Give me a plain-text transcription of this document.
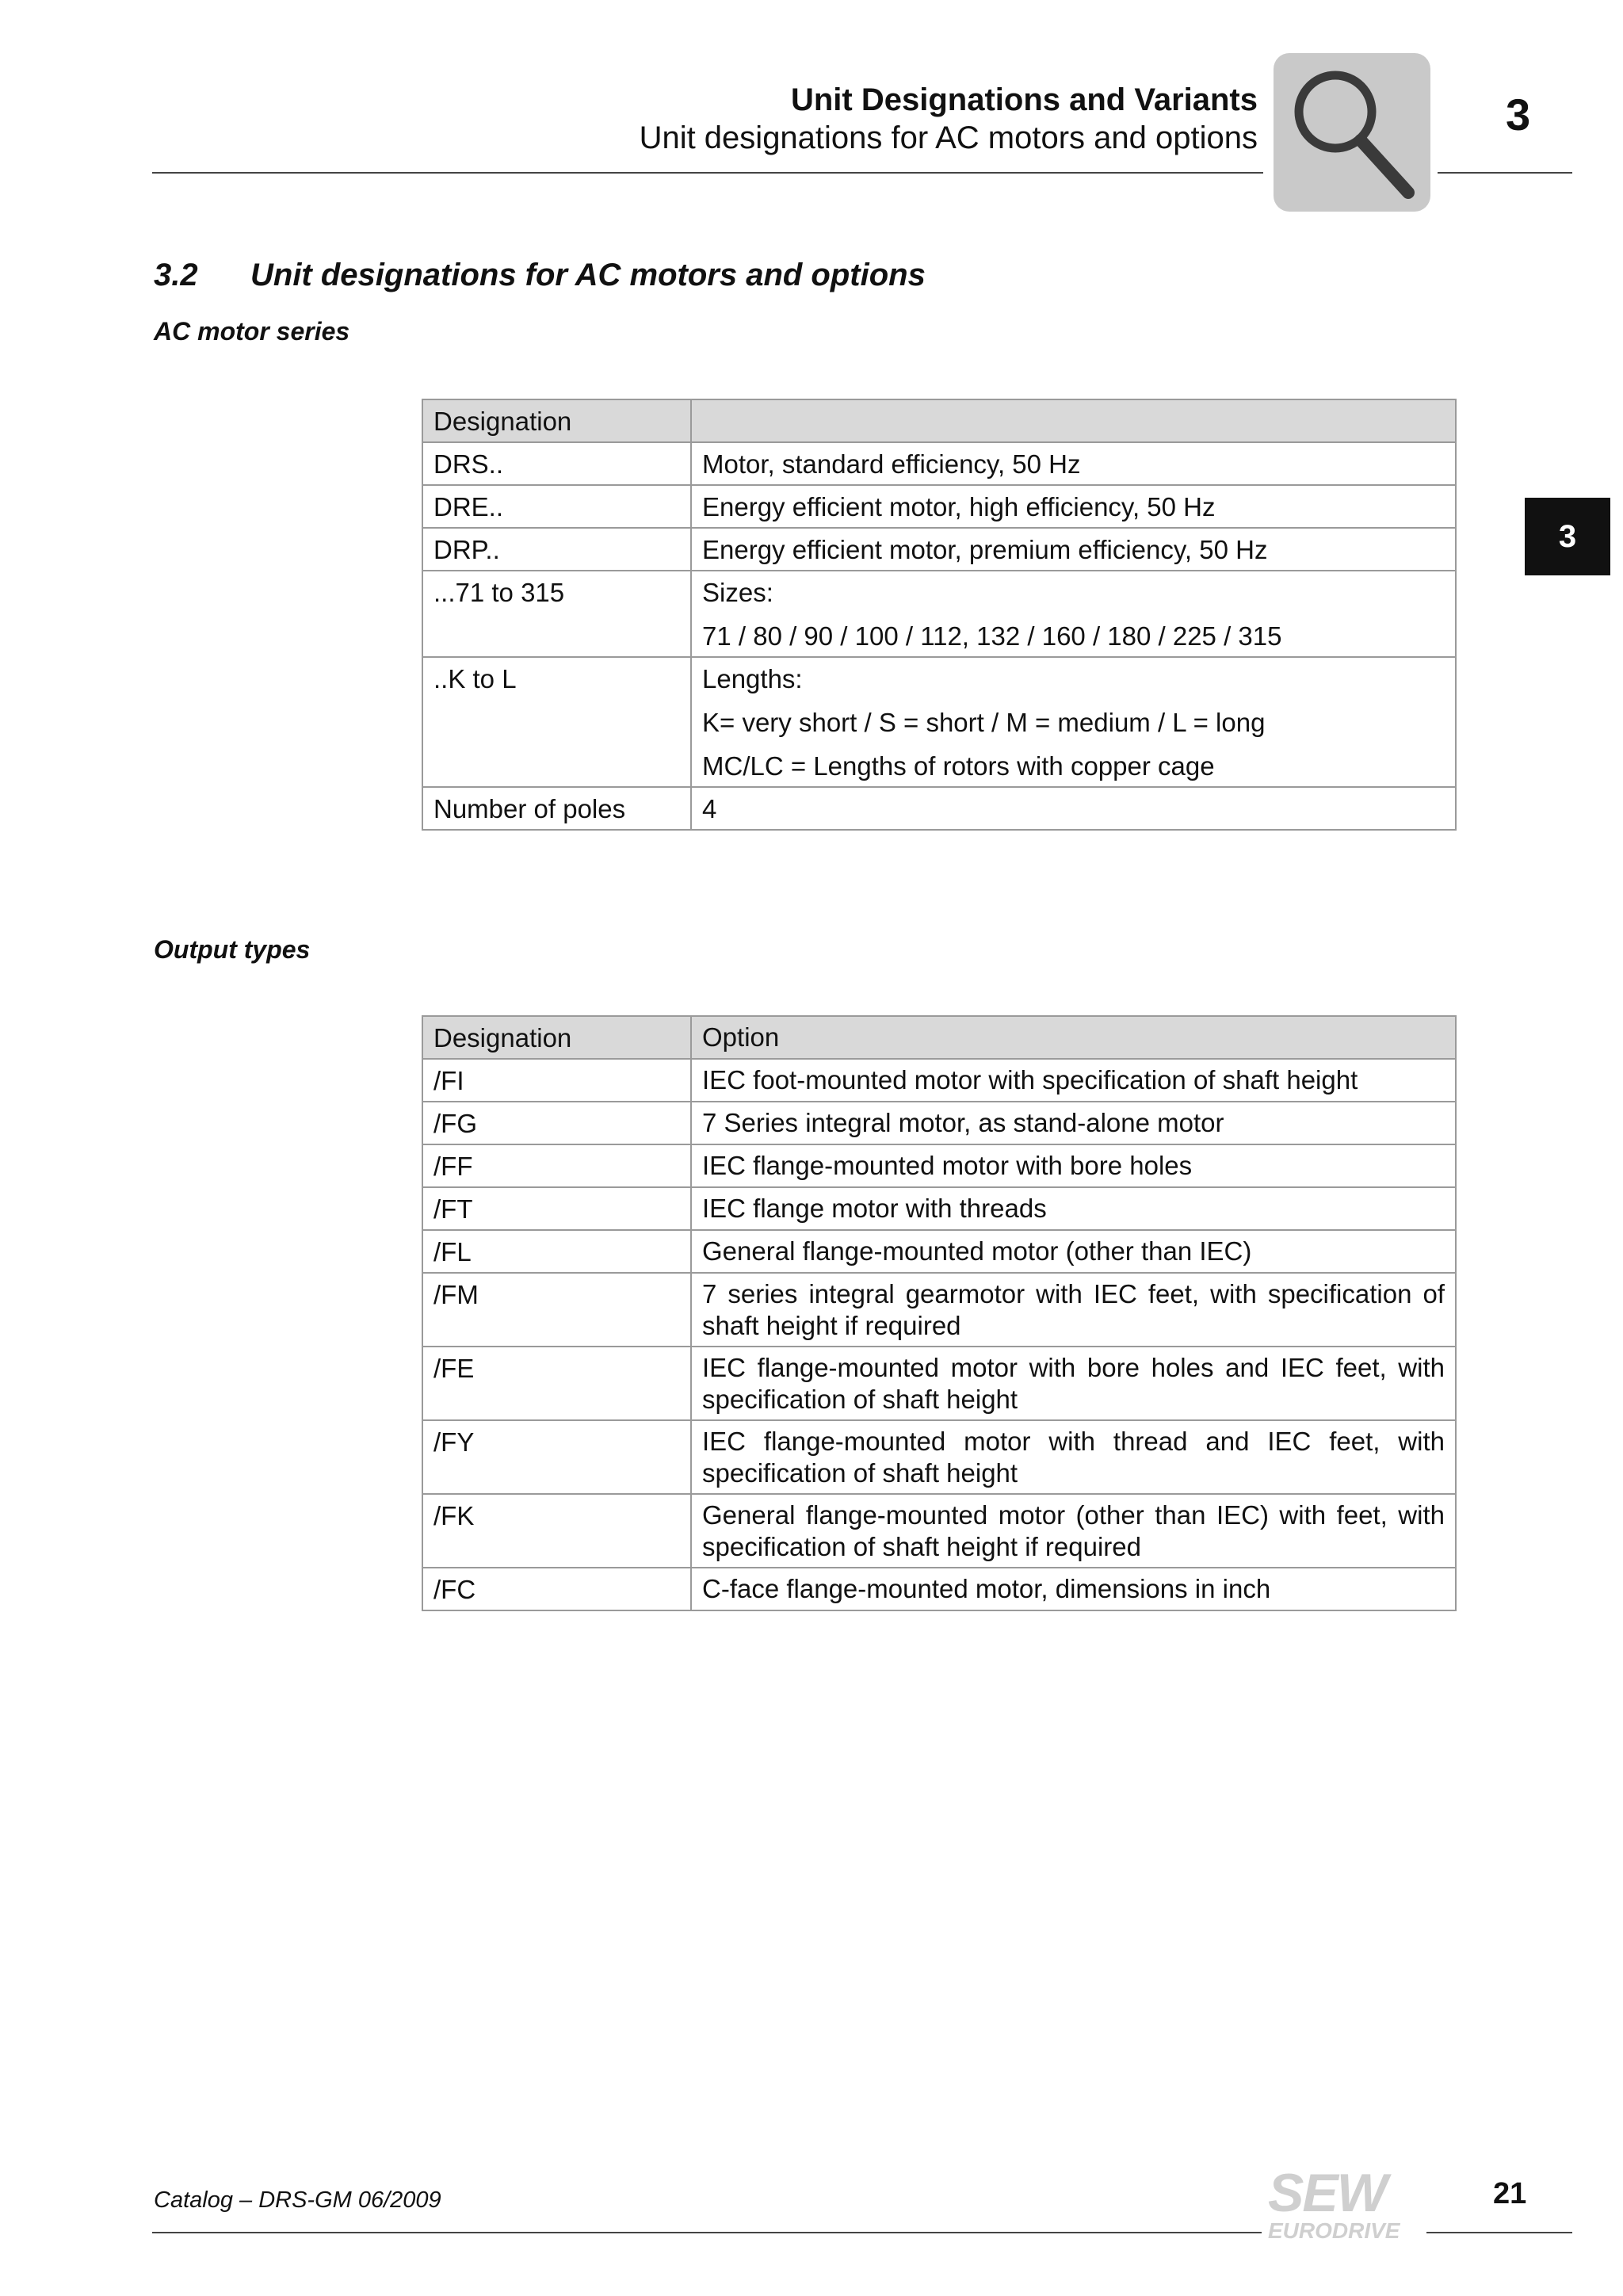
Unit Designations and Variants
Unit designations for AC motors and options	3
3
3.2 Unit designations for AC motors and options
AC motor series
Designation	
DRS..	Motor, standard efficiency, 50 Hz

DRE..	Energy efficient motor, high efficiency, 50 Hz

DRP..	Energy efficient motor, premium efficiency, 50 Hz

...71 to 315	Sizes:
71 / 80 / 90 / 100 / 112, 132 / 160 / 180 / 225 / 315

..K to L	Lengths:
K= very short / S = short / M = medium / L = long
MC/LC = Lengths of rotors with copper cage

Number of poles	4
Output types
Designation	Option
/FI	IEC foot-mounted motor with specification of shaft height
/FG	7 Series integral motor, as stand-alone motor
/FF	IEC flange-mounted motor with bore holes
/FT	IEC flange motor with threads
/FL	General flange-mounted motor (other than IEC)
/FM	7 series integral gearmotor with IEC feet, with specification of shaft height if required
/FE	IEC flange-mounted motor with bore holes and IEC feet, with specification of shaft height
/FY	IEC flange-mounted motor with thread and IEC feet, with specification of shaft height
/FK	General flange-mounted motor (other than IEC) with feet, with specification of shaft height if required
/FC	C-face flange-mounted motor, dimensions in inch
Catalog – DRS-GM 06/2009	21
SEW
EURODRIVE
